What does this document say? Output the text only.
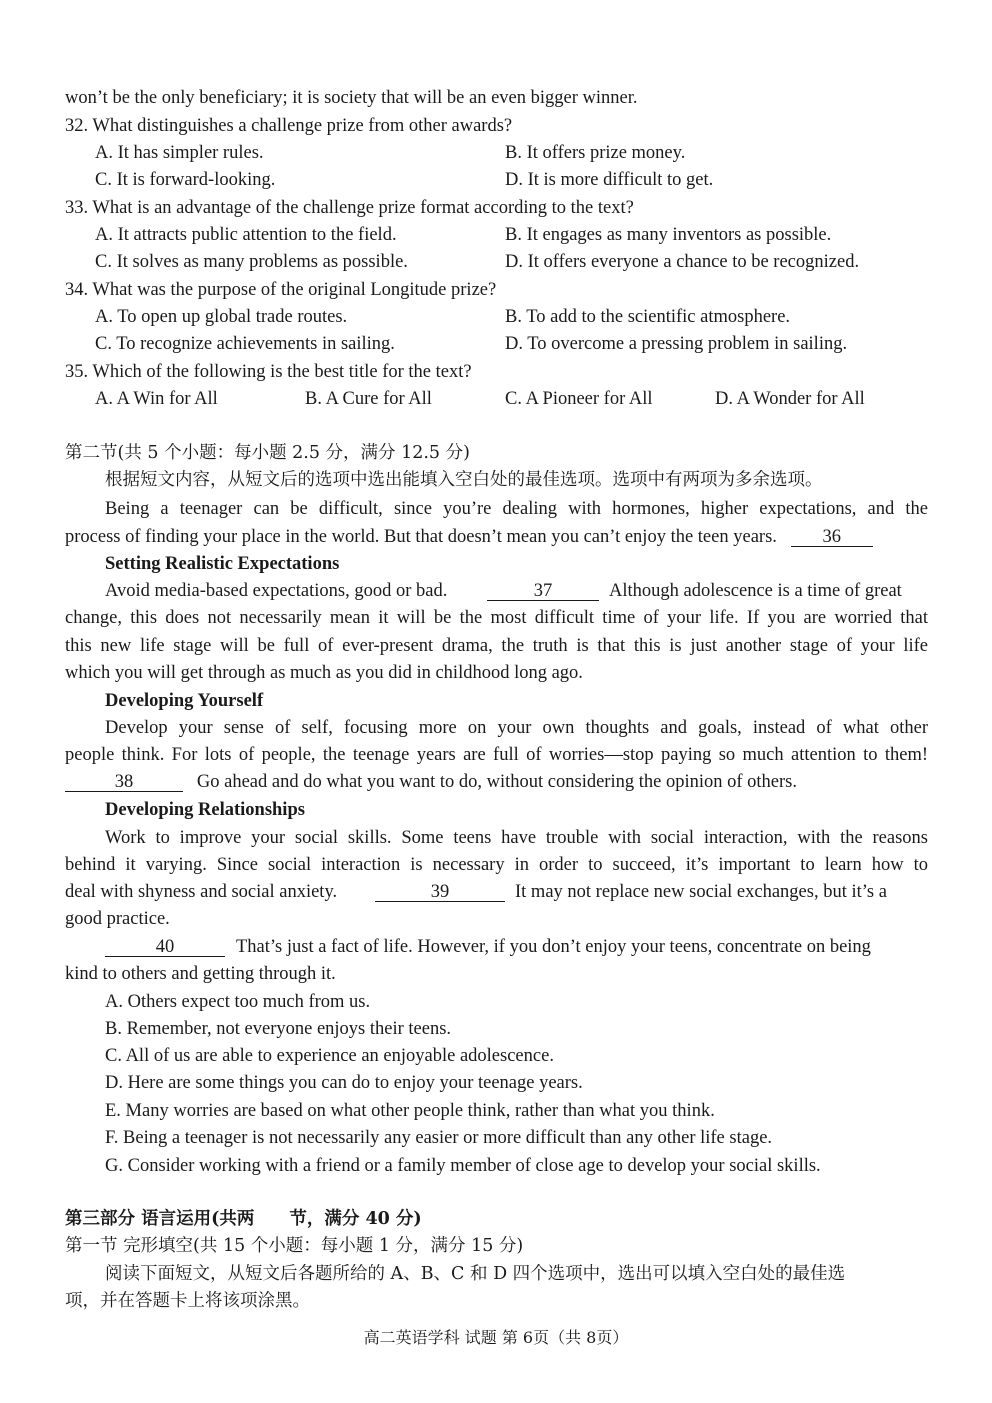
won’t be the only beneficiary; it is society that will be an even bigger winner.
32. What distinguishes a challenge prize from other awards?
A. It has simpler rules.	B. It offers prize money.
C. It is forward-looking.	D. It is more difficult to get.
33. What is an advantage of the challenge prize format according to the text?
A. It attracts public attention to the field.	B. It engages as many inventors as possible.
C. It solves as many problems as possible.	D. It offers everyone a chance to be recognized.
34. What was the purpose of the original Longitude prize?
A. To open up global trade routes.	B. To add to the scientific atmosphere.
C. To recognize achievements in sailing.	D. To overcome a pressing problem in sailing.
35. Which of the following is the best title for the text?
A. A Win for All	B. A Cure for All	C. A Pioneer for All	D. A Wonder for All
第二节(共 5 个小题：每小题 2.5 分，满分 12.5 分)
根据短文内容，从短文后的选项中选出能填入空白处的最佳选项。选项中有两项为多余选项。
Being a teenager can be difficult, since you’re dealing with hormones, higher expectations, and the
process of finding your place in the world. But that doesn’t mean you can’t enjoy the teen years. 36
Setting Realistic Expectations
Avoid media-based expectations, good or bad.	37	Although adolescence is a time of great
change, this does not necessarily mean it will be the most difficult time of your life. If you are worried that
this new life stage will be full of ever-present drama, the truth is that this is just another stage of your life
which you will get through as much as you did in childhood long ago.
Developing Yourself
Develop your sense of self, focusing more on your own thoughts and goals, instead of what other
people think. For lots of people, the teenage years are full of worries—stop paying so much attention to them!
38	Go ahead and do what you want to do, without considering the opinion of others.
Developing Relationships
Work to improve your social skills. Some teens have trouble with social interaction, with the reasons
behind it varying. Since social interaction is necessary in order to succeed, it’s important to learn how to
deal with shyness and social anxiety.	39	It may not replace new social exchanges, but it’s a
good practice.
40	That’s just a fact of life. However, if you don’t enjoy your teens, concentrate on being
kind to others and getting through it.
A. Others expect too much from us.
B. Remember, not everyone enjoys their teens.
C. All of us are able to experience an enjoyable adolescence.
D. Here are some things you can do to enjoy your teenage years.
E. Many worries are based on what other people think, rather than what you think.
F. Being a teenager is not necessarily any easier or more difficult than any other life stage.
G. Consider working with a friend or a family member of close age to develop your social skills.
第三部分 语言运用(共两　　节，满分 40 分)
第一节 完形填空(共 15 个小题：每小题 1 分，满分 15 分)
阅读下面短文，从短文后各题所给的 A、B、C 和 D 四个选项中，选出可以填入空白处的最佳选
项，并在答题卡上将该项涂黑。
高二英语学科 试题 第 6页（共 8页）
